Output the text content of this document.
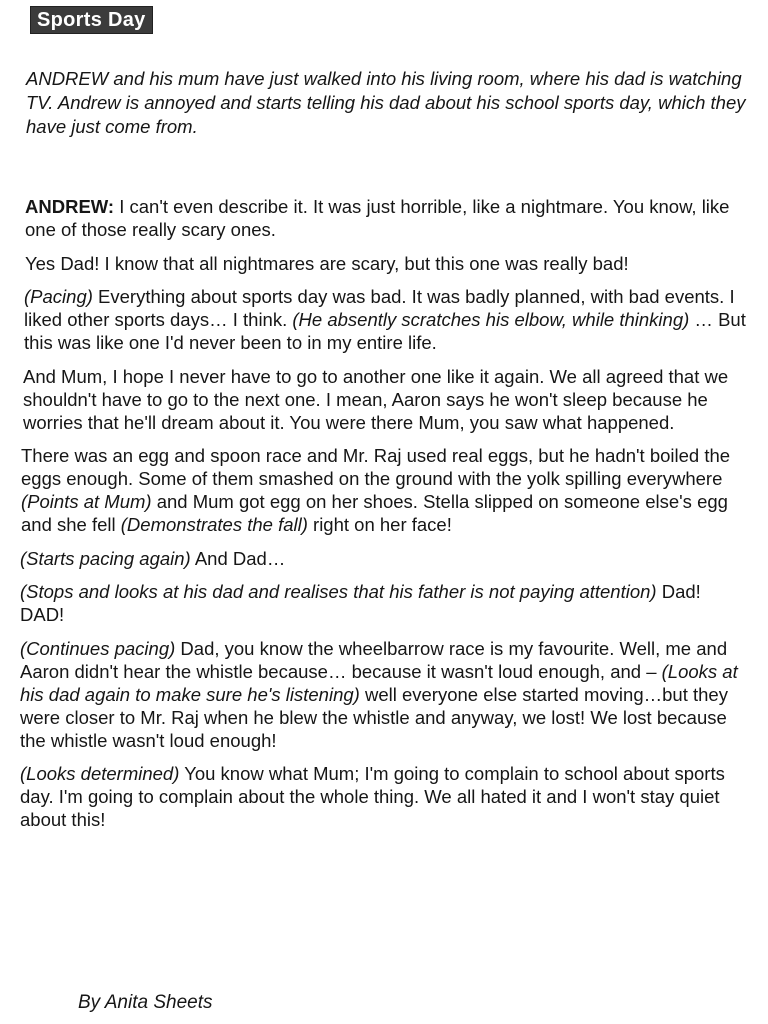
Sports Day

ANDREW and his mum have just walked into his living room, where his dad is watching TV. Andrew is annoyed and starts telling his dad about his school sports day, which they have just come from.

ANDREW: I can't even describe it. It was just horrible, like a nightmare. You know, like one of those really scary ones.

Yes Dad! I know that all nightmares are scary, but this one was really bad!

(Pacing) Everything about sports day was bad. It was badly planned, with bad events. I liked other sports days… I think. (He absently scratches his elbow, while thinking) … But this was like one I'd never been to in my entire life.

And Mum, I hope I never have to go to another one like it again. We all agreed that we shouldn't have to go to the next one. I mean, Aaron says he won't sleep because he worries that he'll dream about it. You were there Mum, you saw what happened.

There was an egg and spoon race and Mr. Raj used real eggs, but he hadn't boiled the eggs enough. Some of them smashed on the ground with the yolk spilling everywhere (Points at Mum) and Mum got egg on her shoes. Stella slipped on someone else's egg and she fell (Demonstrates the fall) right on her face!

(Starts pacing again) And Dad…

(Stops and looks at his dad and realises that his father is not paying attention) Dad! DAD!

(Continues pacing) Dad, you know the wheelbarrow race is my favourite. Well, me and Aaron didn't hear the whistle because… because it wasn't loud enough, and – (Looks at his dad again to make sure he's listening) well everyone else started moving…but they were closer to Mr. Raj when he blew the whistle and anyway, we lost! We lost because the whistle wasn't loud enough!

(Looks determined) You know what Mum; I'm going to complain to school about sports day. I'm going to complain about the whole thing. We all hated it and I won't stay quiet about this!

By Anita Sheets
